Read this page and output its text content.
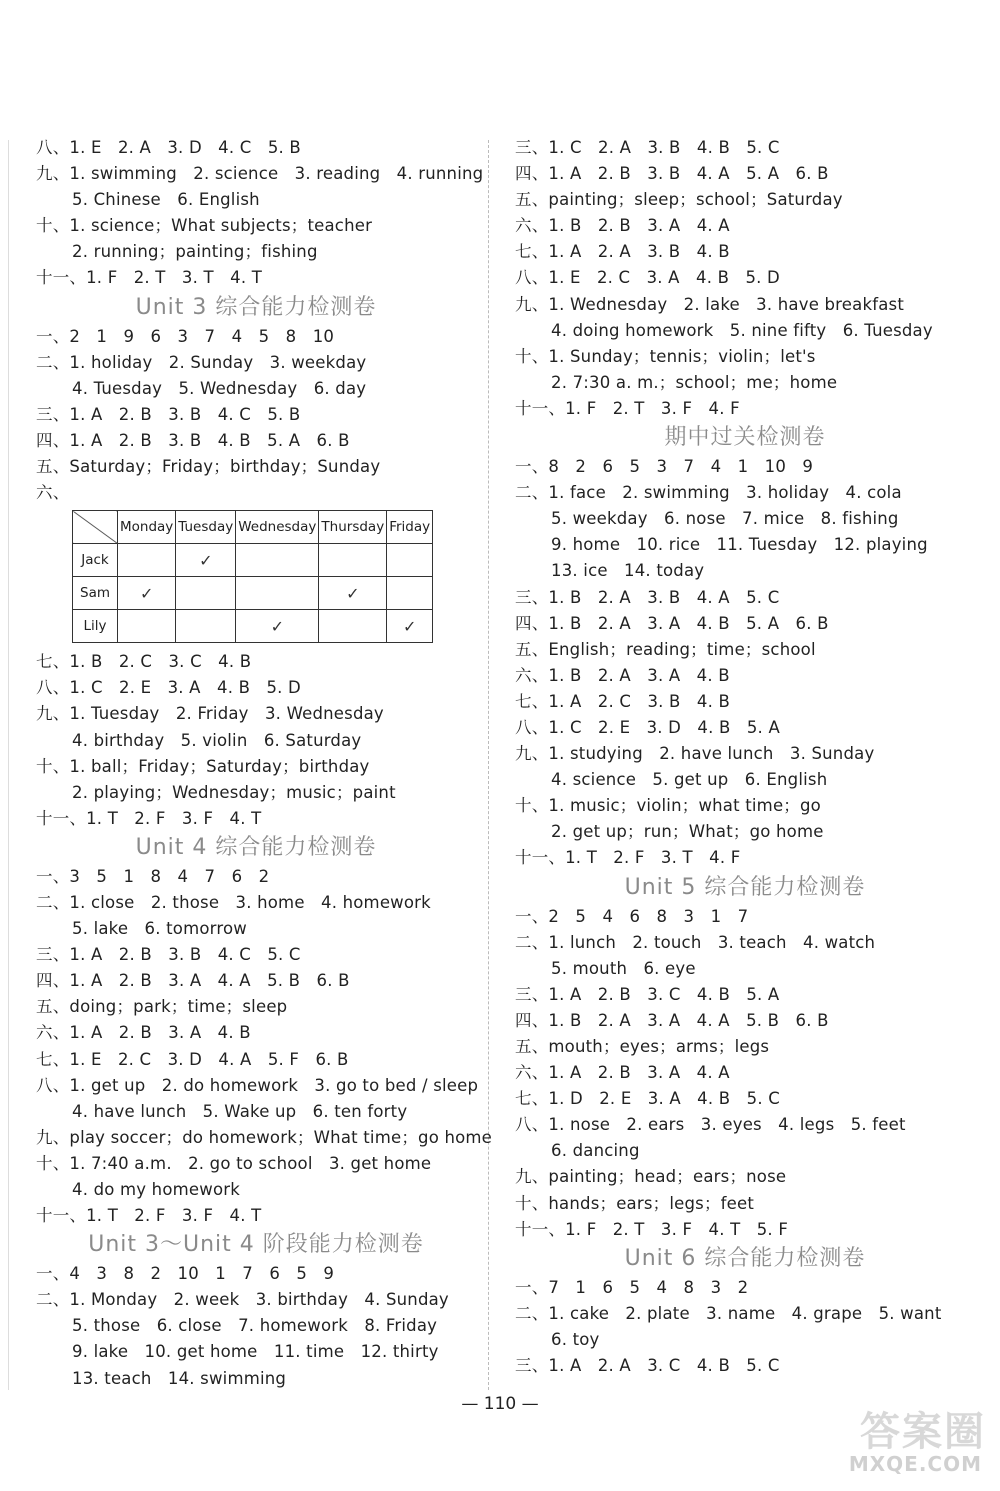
八、1. E   2. A   3. D   4. C   5. B
九、1. swimming   2. science   3. reading   4. running
5. Chinese   6. English
十、1. science；What subjects；teacher
2. running；painting；fishing
十一、1. F   2. T   3. T   4. T
Unit 3 综合能力检测卷
一、2   1   9   6   3   7   4   5   8   10
二、1. holiday   2. Sunday   3. weekday
4. Tuesday   5. Wednesday   6. day
三、1. A   2. B   3. B   4. C   5. B
四、1. A   2. B   3. B   4. B   5. A   6. B
五、Saturday；Friday；birthday；Sunday
六、
	Monday	Tuesday	Wednesday	Thursday	Friday
Jack		✓			
Sam	✓			✓	
Lily			✓		✓
七、1. B   2. C   3. C   4. B
八、1. C   2. E   3. A   4. B   5. D
九、1. Tuesday   2. Friday   3. Wednesday
4. birthday   5. violin   6. Saturday
十、1. ball；Friday；Saturday；birthday
2. playing；Wednesday；music；paint
十一、1. T   2. F   3. F   4. T
Unit 4 综合能力检测卷
一、3   5   1   8   4   7   6   2
二、1. close   2. those   3. home   4. homework
5. lake   6. tomorrow
三、1. A   2. B   3. B   4. C   5. C
四、1. A   2. B   3. A   4. A   5. B   6. B
五、doing；park；time；sleep
六、1. A   2. B   3. A   4. B
七、1. E   2. C   3. D   4. A   5. F   6. B
八、1. get up   2. do homework   3. go to bed / sleep
4. have lunch   5. Wake up   6. ten forty
九、play soccer；do homework；What time；go home
十、1. 7:40 a.m.   2. go to school   3. get home
4. do my homework
十一、1. T   2. F   3. F   4. T
Unit 3～Unit 4 阶段能力检测卷
一、4   3   8   2   10   1   7   6   5   9
二、1. Monday   2. week   3. birthday   4. Sunday
5. those   6. close   7. homework   8. Friday
9. lake   10. get home   11. time   12. thirty
13. teach   14. swimming
三、1. C   2. A   3. B   4. B   5. C
四、1. A   2. B   3. B   4. A   5. A   6. B
五、painting；sleep；school；Saturday
六、1. B   2. B   3. A   4. A
七、1. A   2. A   3. B   4. B
八、1. E   2. C   3. A   4. B   5. D
九、1. Wednesday   2. lake   3. have breakfast
4. doing homework   5. nine fifty   6. Tuesday
十、1. Sunday；tennis；violin；let's
2. 7:30 a. m.；school；me；home
十一、1. F   2. T   3. F   4. F
期中过关检测卷
一、8   2   6   5   3   7   4   1   10   9
二、1. face   2. swimming   3. holiday   4. cola
5. weekday   6. nose   7. mice   8. fishing
9. home   10. rice   11. Tuesday   12. playing
13. ice   14. today
三、1. B   2. A   3. B   4. A   5. C
四、1. B   2. A   3. A   4. B   5. A   6. B
五、English；reading；time；school
六、1. B   2. A   3. A   4. B
七、1. A   2. C   3. B   4. B
八、1. C   2. E   3. D   4. B   5. A
九、1. studying   2. have lunch   3. Sunday
4. science   5. get up   6. English
十、1. music；violin；what time；go
2. get up；run；What；go home
十一、1. T   2. F   3. T   4. F
Unit 5 综合能力检测卷
一、2   5   4   6   8   3   1   7
二、1. lunch   2. touch   3. teach   4. watch
5. mouth   6. eye
三、1. A   2. B   3. C   4. B   5. A
四、1. B   2. A   3. A   4. A   5. B   6. B
五、mouth；eyes；arms；legs
六、1. A   2. B   3. A   4. A
七、1. D   2. E   3. A   4. B   5. C
八、1. nose   2. ears   3. eyes   4. legs   5. feet
6. dancing
九、painting；head；ears；nose
十、hands；ears；legs；feet
十一、1. F   2. T   3. F   4. T   5. F
Unit 6 综合能力检测卷
一、7   1   6   5   4   8   3   2
二、1. cake   2. plate   3. name   4. grape   5. want
6. toy
三、1. A   2. A   3. C   4. B   5. C
— 110 —
答案圈
MXQE.COM
